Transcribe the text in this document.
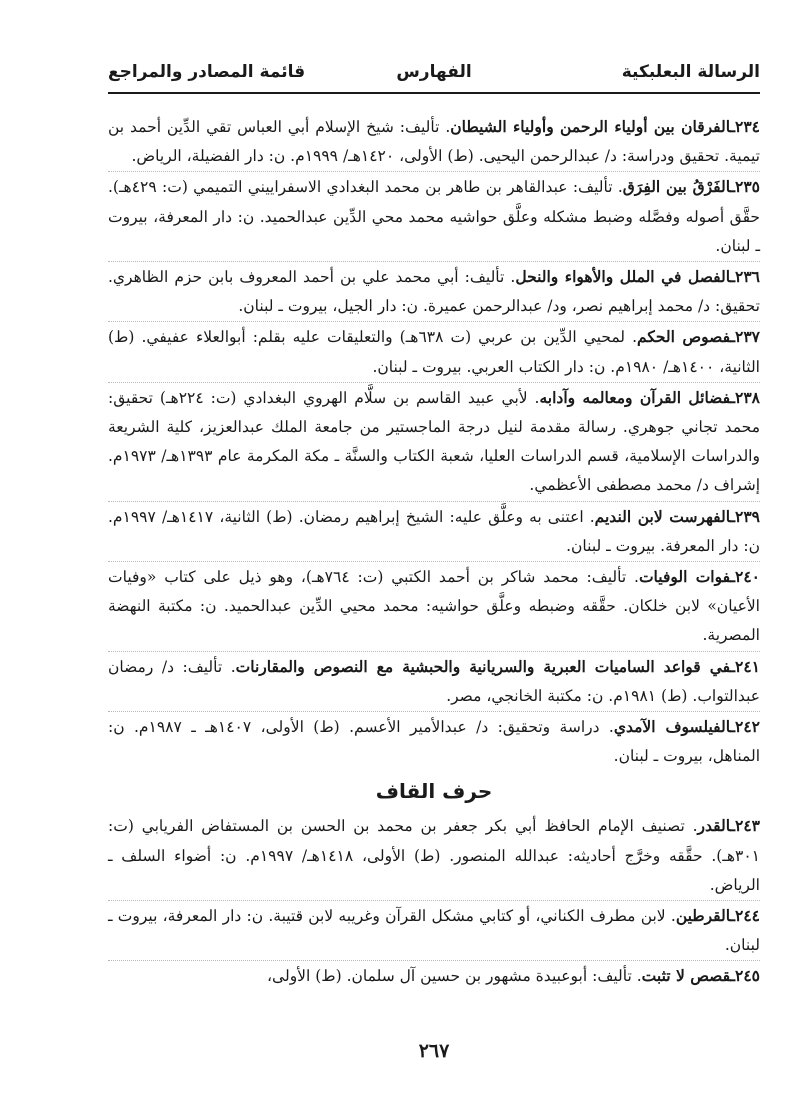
الرسالة البعلبكية
الفهارس
قائمة المصادر والمراجع

٢٣٤ـالفرقان بين أولياء الرحمن وأولياء الشيطان. تأليف: شيخ الإسلام أبي العباس تقي الدِّين أحمد بن تيمية. تحقيق ودراسة: د/ عبدالرحمن اليحيى. (ط) الأولى، ١٤٢٠هـ/ ١٩٩٩م. ن: دار الفضيلة، الرياض.

٢٣٥ـالفَرْقُ بين الفِرَق. تأليف: عبدالقاهر بن طاهر بن محمد البغدادي الاسفراييني التميمي (ت: ٤٢٩هـ). حقَّق أصوله وفصَّله وضبط مشكله وعلَّق حواشيه محمد محي الدِّين عبدالحميد. ن: دار المعرفة، بيروت ـ لبنان.

٢٣٦ـالفصل في الملل والأهواء والنحل. تأليف: أبي محمد علي بن أحمد المعروف بابن حزم الظاهري. تحقيق: د/ محمد إبراهيم نصر، ود/ عبدالرحمن عميرة. ن: دار الجيل، بيروت ـ لبنان.

٢٣٧ـفصوص الحكم. لمحيي الدِّين بن عربي (ت ٦٣٨هـ) والتعليقات عليه بقلم: أبوالعلاء عفيفي. (ط) الثانية، ١٤٠٠هـ/ ١٩٨٠م. ن: دار الكتاب العربي. بيروت ـ لبنان.

٢٣٨ـفضائل القرآن ومعالمه وآدابه. لأبي عبيد القاسم بن سلَّام الهروي البغدادي (ت: ٢٢٤هـ) تحقيق: محمد تجاني جوهري. رسالة مقدمة لنيل درجة الماجستير من جامعة الملك عبدالعزيز، كلية الشريعة والدراسات الإسلامية، قسم الدراسات العليا، شعبة الكتاب والسنَّة ـ مكة المكرمة عام ١٣٩٣هـ/ ١٩٧٣م. إشراف د/ محمد مصطفى الأعظمي.

٢٣٩ـالفهرست لابن النديم. اعتنى به وعلَّق عليه: الشيخ إبراهيم رمضان. (ط) الثانية، ١٤١٧هـ/ ١٩٩٧م. ن: دار المعرفة. بيروت ـ لبنان.

٢٤٠ـفوات الوفيات. تأليف: محمد شاكر بن أحمد الكتبي (ت: ٧٦٤هـ)، وهو ذيل على كتاب «وفيات الأعيان» لابن خلكان. حقَّقه وضبطه وعلَّق حواشيه: محمد محيي الدِّين عبدالحميد. ن: مكتبة النهضة المصرية.

٢٤١ـفي قواعد الساميات العبرية والسريانية والحبشية مع النصوص والمقارنات. تأليف: د/ رمضان عبدالتواب. (ط) ١٩٨١م. ن: مكتبة الخانجي، مصر.

٢٤٢ـالفيلسوف الآمدي. دراسة وتحقيق: د/ عبدالأمير الأعسم. (ط) الأولى، ١٤٠٧هـ ـ ١٩٨٧م. ن: المناهل، بيروت ـ لبنان.

حرف القاف

٢٤٣ـالقدر. تصنيف الإمام الحافظ أبي بكر جعفر بن محمد بن الحسن بن المستفاض الفريابي (ت: ٣٠١هـ). حقَّقه وخرَّج أحاديثه: عبدالله المنصور. (ط) الأولى، ١٤١٨هـ/ ١٩٩٧م. ن: أضواء السلف ـ الرياض.

٢٤٤ـالقرطين. لابن مطرف الكناني، أو كتابي مشكل القرآن وغريبه لابن قتيبة. ن: دار المعرفة، بيروت ـ لبنان.

٢٤٥ـقصص لا تثبت. تأليف: أبوعبيدة مشهور بن حسين آل سلمان. (ط) الأولى،

٢٦٧
